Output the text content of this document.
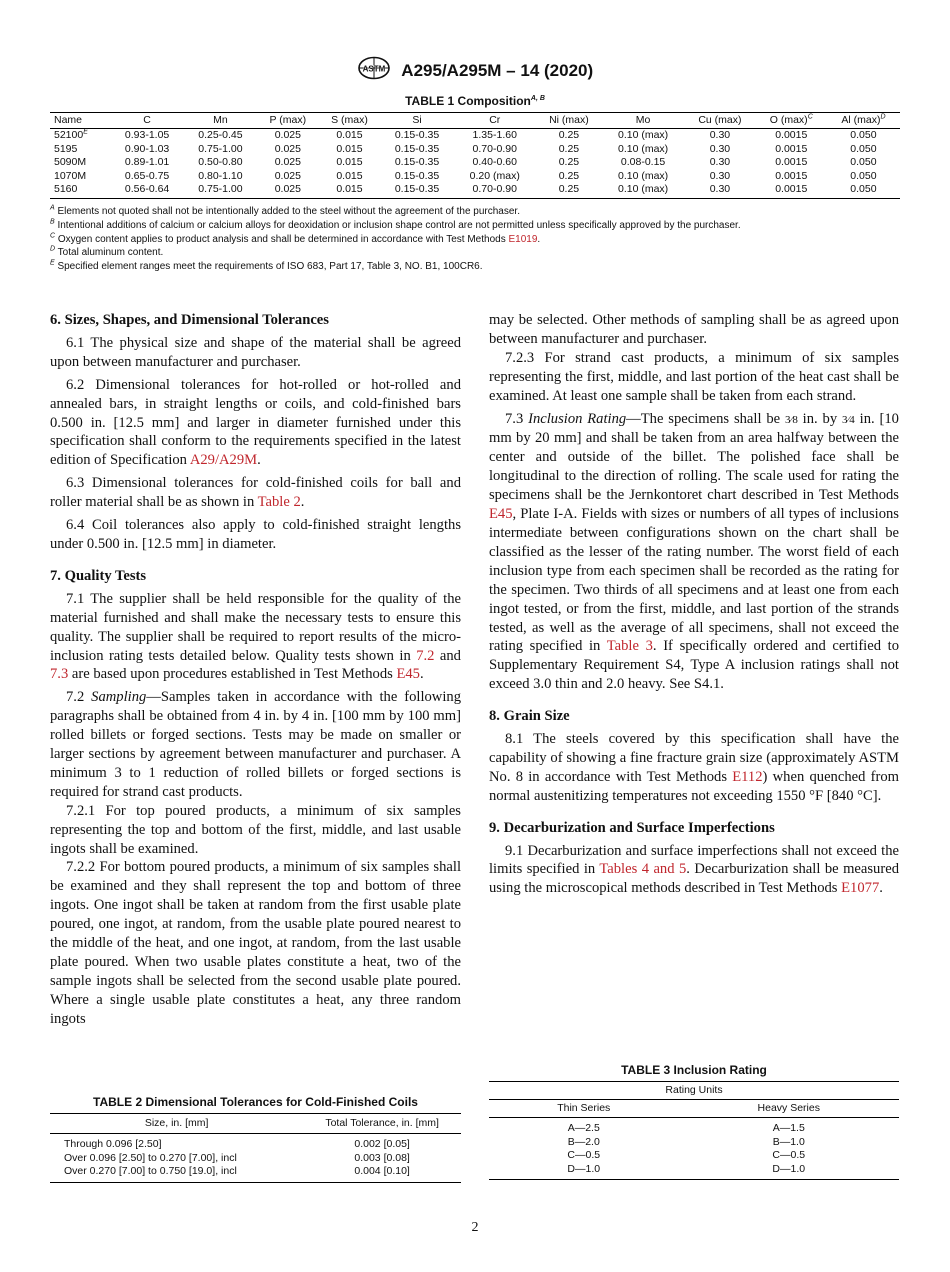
ASTM A295/A295M – 14 (2020)
TABLE 1 Composition$^{A, B}$
Name	C	Mn	P (max)	S (max)	Si	Cr	Ni (max)	Mo	Cu (max)	O $(\max)^C$	Al $(\max)^D$
$52100^E$	0.93-1.05	0.25-0.45	0.025	0.015	0.15-0.35	1.35-1.60	0.25	0.10 (max)	0.30	0.0015	0.050
5195	0.90-1.03	0.75-1.00	0.025	0.015	0.15-0.35	0.70-0.90	0.25	0.10 (max)	0.30	0.0015	0.050
5090M	0.89-1.01	0.50-0.80	0.025	0.015	0.15-0.35	0.40-0.60	0.25	0.08-0.15	0.30	0.0015	0.050
1070M	0.65-0.75	0.80-1.10	0.025	0.015	0.15-0.35	0.20 (max)	0.25	0.10 (max)	0.30	0.0015	0.050
5160	0.56-0.64	0.75-1.00	0.025	0.015	0.15-0.35	0.70-0.90	0.25	0.10 (max)	0.30	0.0015	0.050
$^A$ Elements not quoted shall not be intentionally added to the steel without the agreement of the purchaser.
$^B$ Intentional additions of calcium or calcium alloys for deoxidation or inclusion shape control are not permitted unless specifically approved by the purchaser.
$^C$ Oxygen content applies to product analysis and shall be determined in accordance with Test Methods E1019.
$^D$ Total aluminum content.
$^E$ Specified element ranges meet the requirements of ISO 683, Part 17, Table 3, NO. B1, 100CR6.
6. Sizes, Shapes, and Dimensional Tolerances

6.1 The physical size and shape of the material shall be agreed upon between manufacturer and purchaser.

6.2 Dimensional tolerances for hot-rolled or hot-rolled and annealed bars, in straight lengths or coils, and cold-finished bars 0.500 in. [12.5 mm] and larger in diameter furnished under this specification shall conform to the requirements specified in the latest edition of Specification A29/A29M.

6.3 Dimensional tolerances for cold-finished coils for ball and roller material shall be as shown in Table 2.

6.4 Coil tolerances also apply to cold-finished straight lengths under 0.500 in. [12.5 mm] in diameter.

7. Quality Tests

7.1 The supplier shall be held responsible for the quality of the material furnished and shall make the necessary tests to ensure this quality. The supplier shall be required to report results of the micro-inclusion rating tests detailed below. Quality tests shown in 7.2 and 7.3 are based upon procedures established in Test Methods E45.

7.2 Sampling—Samples taken in accordance with the following paragraphs shall be obtained from 4 in. by 4 in. [100 mm by 100 mm] rolled billets or forged sections. Tests may be made on smaller or larger sections by agreement between manufacturer and purchaser. A minimum 3 to 1 reduction of rolled billets or forged sections is required for strand cast products.

7.2.1 For top poured products, a minimum of six samples representing the top and bottom of the first, middle, and last usable ingots shall be examined.

7.2.2 For bottom poured products, a minimum of six samples shall be examined and they shall represent the top and bottom of three ingots. One ingot shall be taken at random from the first usable plate poured, one ingot, at random, from the usable plate poured nearest to the middle of the heat, and one ingot, at random, from the last usable plate poured. When two usable plates constitute a heat, two of the sample ingots shall be selected from the second usable plate poured. Where a single usable plate constitutes a heat, any three random ingots

may be selected. Other methods of sampling shall be as agreed upon between manufacturer and purchaser.

7.2.3 For strand cast products, a minimum of six samples representing the first, middle, and last portion of the heat cast shall be examined. At least one sample shall be taken from each strand.

7.3 Inclusion Rating—The specimens shall be 3⁄8 in. by 3⁄4 in. [10 mm by 20 mm] and shall be taken from an area halfway between the center and outside of the billet. The polished face shall be longitudinal to the direction of rolling. The scale used for rating the specimens shall be the Jernkontoret chart described in Test Methods E45, Plate I-A. Fields with sizes or numbers of all types of inclusions intermediate between configurations shown on the chart shall be classified as the lesser of the rating number. The worst field of each inclusion type from each specimen shall be recorded as the rating for the specimen. Two thirds of all specimens and at least one from each ingot tested, or from the first, middle, and last portion of the strands tested, as well as the average of all specimens, shall not exceed the rating specified in Table 3. If specifically ordered and certified to Supplementary Requirement S4, Type A inclusion ratings shall not exceed 3.0 thin and 2.0 heavy. See S4.1.

8. Grain Size

8.1 The steels covered by this specification shall have the capability of showing a fine fracture grain size (approximately ASTM No. 8 in accordance with Test Methods E112) when quenched from normal austenitizing temperatures not exceeding 1550 °F [840 °C].

9. Decarburization and Surface Imperfections

9.1 Decarburization and surface imperfections shall not exceed the limits specified in Tables 4 and 5. Decarburization shall be measured using the microscopical methods described in Test Methods E1077.

TABLE 2 Dimensional Tolerances for Cold-Finished Coils
Size, in. [mm]	Total Tolerance, in. [mm]
Through 0.096 [2.50]	0.002 [0.05]
Over 0.096 [2.50] to 0.270 [7.00], incl	0.003 [0.08]
Over 0.270 [7.00] to 0.750 [19.0], incl	0.004 [0.10]
TABLE 3 Inclusion Rating
Rating Units	
Thin Series	Heavy Series
A—2.5	A—1.5
B—2.0	B—1.0
C—0.5	C—0.5
D—1.0	D—1.0
2
